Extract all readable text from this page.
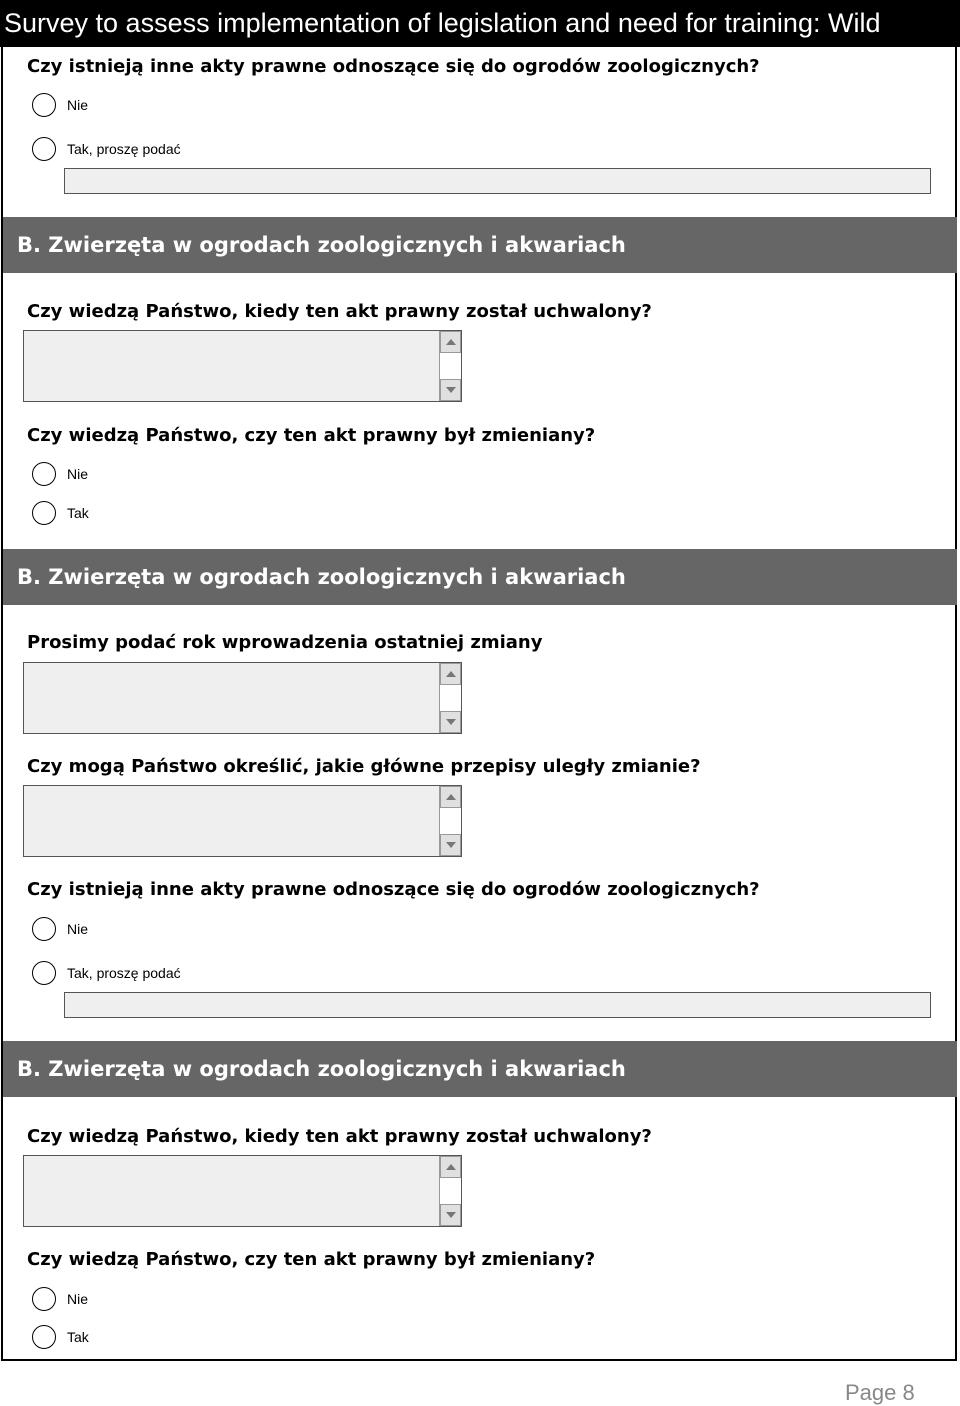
Survey to assess implementation of legislation and need for training: Wild
Czy istnieją inne akty prawne odnoszące się do ogrodów zoologicznych?
Nie
Tak, proszę podać
B. Zwierzęta w ogrodach zoologicznych i akwariach
Czy wiedzą Państwo, kiedy ten akt prawny został uchwalony?
Czy wiedzą Państwo, czy ten akt prawny był zmieniany?
Nie
Tak
B. Zwierzęta w ogrodach zoologicznych i akwariach
Prosimy podać rok wprowadzenia ostatniej zmiany
Czy mogą Państwo określić, jakie główne przepisy uległy zmianie?
Czy istnieją inne akty prawne odnoszące się do ogrodów zoologicznych?
Nie
Tak, proszę podać
B. Zwierzęta w ogrodach zoologicznych i akwariach
Czy wiedzą Państwo, kiedy ten akt prawny został uchwalony?
Czy wiedzą Państwo, czy ten akt prawny był zmieniany?
Nie
Tak
Page 8
